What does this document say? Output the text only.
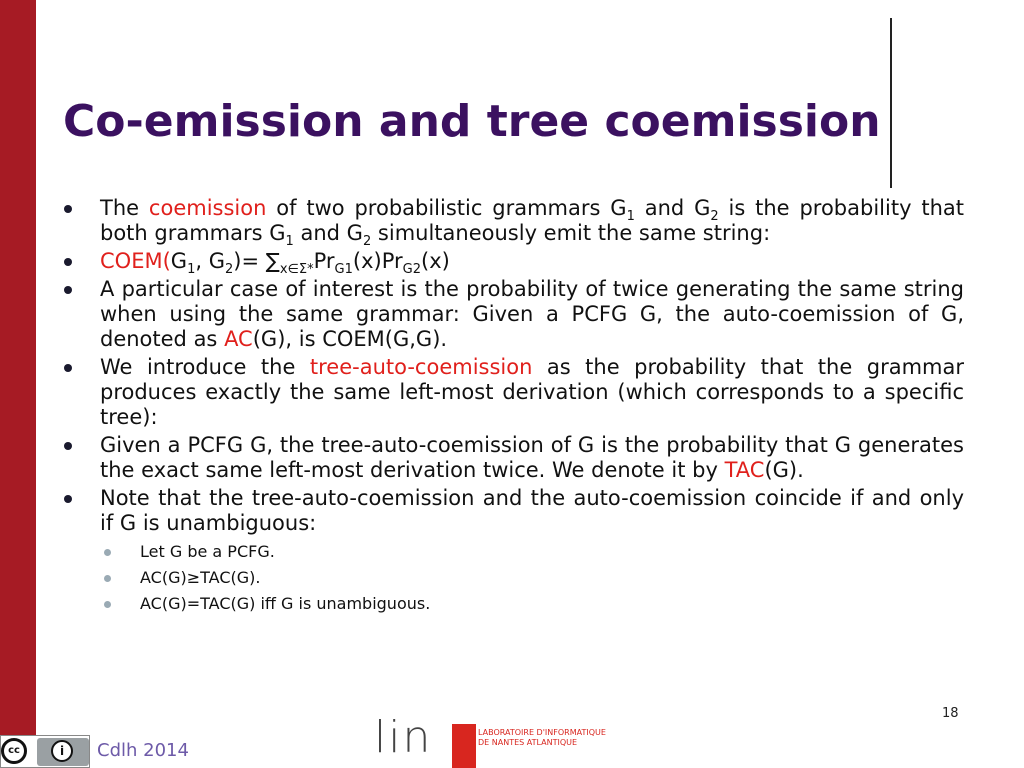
Co-emission and tree coemission
The coemission of two probabilistic grammars $G_1$ and $G_2$ is the probability that both grammars $G_1$ and $G_2$ simultaneously emit the same string:
$COEM(G_1$, $G_2)= \sum_{x\in\Sigma*}Pr_{G1}(x)Pr_{G2}(x)$
A particular case of interest is the probability of twice generating the same string when using the same grammar: Given a PCFG G, the auto-coemission of G, denoted as AC(G), is COEM(G,G).
We introduce the tree-auto-coemission as the probability that the grammar produces exactly the same left-most derivation (which corresponds to a specific tree):
Given a PCFG G, the tree-auto-coemission of G is the probability that G generates the exact same left-most derivation twice. We denote it by TAC(G).
Note that the tree-auto-coemission and the auto-coemission coincide if and only if G is unambiguous:
Let G be a PCFG.
AC(G)≥TAC(G).
AC(G)=TAC(G) iff G is unambiguous.
18
cc	i	Cdlh 2014	lin	LABORATOIRE D'INFORMATIQUE
DE NANTES ATLANTIQUE
